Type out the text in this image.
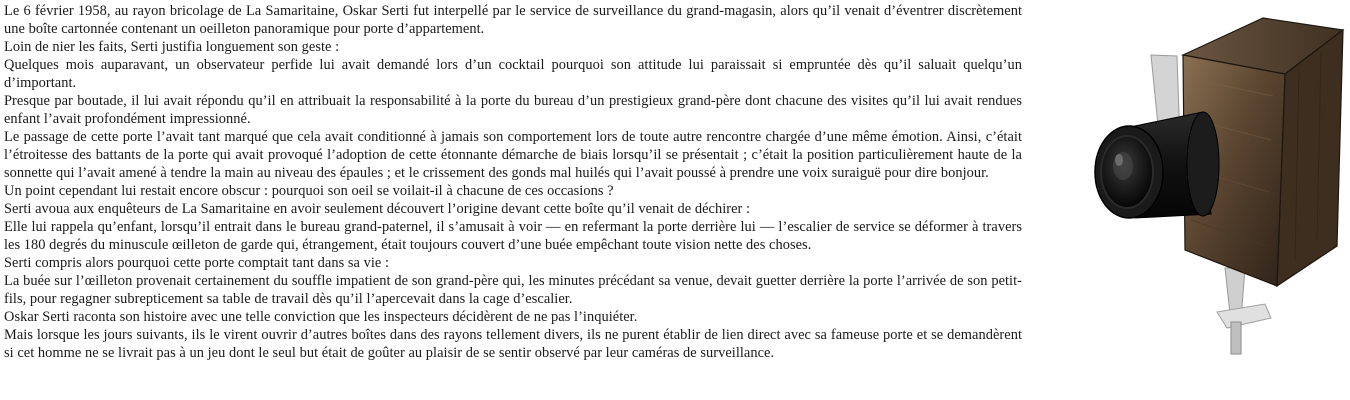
Le 6 février 1958, au rayon bricolage de La Samaritaine, Oskar Serti fut interpellé par le service de surveillance du grand-magasin, alors qu’il venait d’éventrer discrètement une boîte cartonnée contenant un oeilleton panoramique pour porte d’appartement.

Loin de nier les faits, Serti justifia longuement son geste :

Quelques mois auparavant, un observateur perfide lui avait demandé lors d’un cocktail pourquoi son attitude lui paraissait si empruntée dès qu’il saluait quelqu’un d’important.

Presque par boutade, il lui avait répondu qu’il en attribuait la responsabilité à la porte du bureau d’un prestigieux grand-père dont chacune des visites qu’il lui avait rendues enfant l’avait profondément impressionné.

Le passage de cette porte l’avait tant marqué que cela avait conditionné à jamais son comportement lors de toute autre rencontre chargée d’une même émotion. Ainsi, c’était l’étroitesse des battants de la porte qui avait provoqué l’adoption de cette étonnante démarche de biais lorsqu’il se présentait ; c’était la position particulièrement haute de la sonnette qui l’avait amené à tendre la main au niveau des épaules ; et le crissement des gonds mal huilés qui l’avait poussé à prendre une voix suraiguë pour dire bonjour.

Un point cependant lui restait encore obscur : pourquoi son oeil se voilait-il à chacune de ces occasions ?

Serti avoua aux enquêteurs de La Samaritaine en avoir seulement découvert l’origine devant cette boîte qu’il venait de déchirer :

Elle lui rappela qu’enfant, lorsqu’il entrait dans le bureau grand-paternel, il s’amusait à voir — en refermant la porte derrière lui — l’escalier de service se déformer à travers les 180 degrés du minuscule œilleton de garde qui, étrangement, était toujours couvert d’une buée empêchant toute vision nette des choses.

Serti compris alors pourquoi cette porte comptait tant dans sa vie :

La buée sur l’œilleton provenait certainement du souffle impatient de son grand-père qui, les minutes précédant sa venue, devait guetter derrière la porte l’arrivée de son petit-fils, pour regagner subrepticement sa table de travail dès qu’il l’apercevait dans la cage d’escalier.

Oskar Serti raconta son histoire avec une telle conviction que les inspecteurs décidèrent de ne pas l’inquiéter.

Mais lorsque les jours suivants, ils le virent ouvrir d’autres boîtes dans des rayons tellement divers, ils ne purent établir de lien direct avec sa fameuse porte et se demandèrent si cet homme ne se livrait pas à un jeu dont le seul but était de goûter au plaisir de se sentir observé par leur caméras de surveillance.
